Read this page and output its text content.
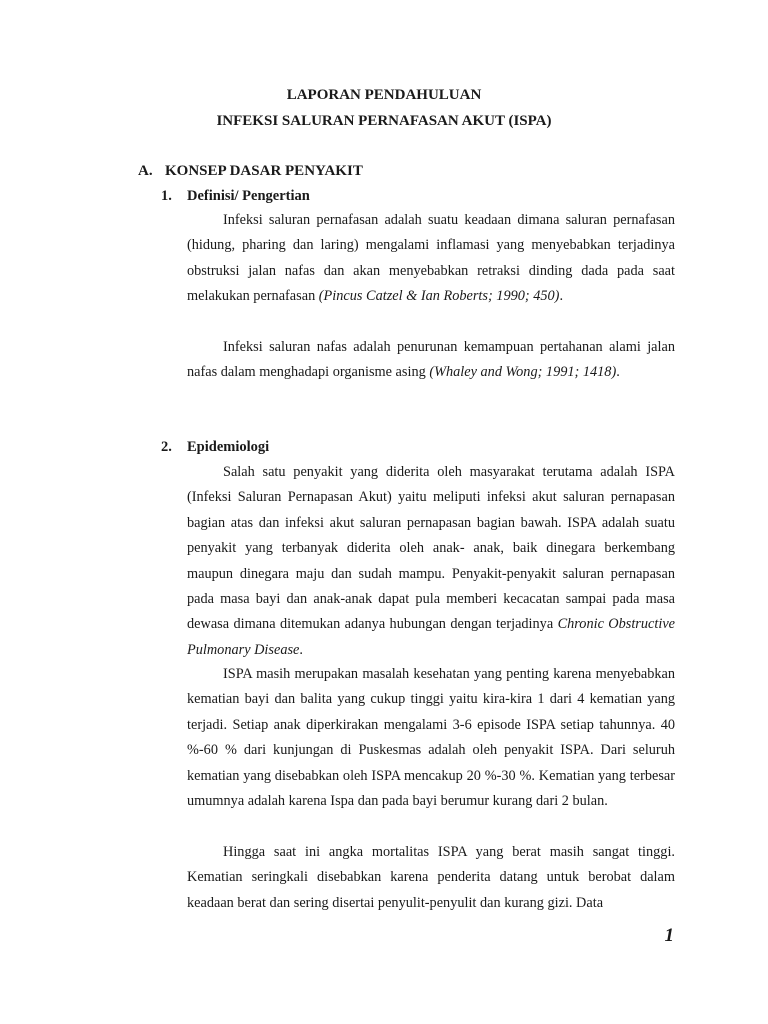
LAPORAN PENDAHULUAN
INFEKSI SALURAN PERNAFASAN AKUT (ISPA)
A. KONSEP DASAR PENYAKIT
1. Definisi/ Pengertian

Infeksi saluran pernafasan adalah suatu keadaan dimana saluran pernafasan (hidung, pharing dan laring) mengalami inflamasi yang menyebabkan terjadinya obstruksi jalan nafas dan akan menyebabkan retraksi dinding dada pada saat melakukan pernafasan (Pincus Catzel & Ian Roberts; 1990; 450).

Infeksi saluran nafas adalah penurunan kemampuan pertahanan alami jalan nafas dalam menghadapi organisme asing (Whaley and Wong; 1991; 1418).

2. Epidemiologi

Salah satu penyakit yang diderita oleh masyarakat terutama adalah ISPA (Infeksi Saluran Pernapasan Akut) yaitu meliputi infeksi akut saluran pernapasan bagian atas dan infeksi akut saluran pernapasan bagian bawah. ISPA adalah suatu penyakit yang terbanyak diderita oleh anak- anak, baik dinegara berkembang maupun dinegara maju dan sudah mampu. Penyakit-penyakit saluran pernapasan pada masa bayi dan anak-anak dapat pula memberi kecacatan sampai pada masa dewasa dimana ditemukan adanya hubungan dengan terjadinya Chronic Obstructive Pulmonary Disease.

ISPA masih merupakan masalah kesehatan yang penting karena menyebabkan kematian bayi dan balita yang cukup tinggi yaitu kira-kira 1 dari 4 kematian yang terjadi. Setiap anak diperkirakan mengalami 3-6 episode ISPA setiap tahunnya. 40 %-60 % dari kunjungan di Puskesmas adalah oleh penyakit ISPA. Dari seluruh kematian yang disebabkan oleh ISPA mencakup 20 %-30 %. Kematian yang terbesar umumnya adalah karena Ispa dan pada bayi berumur kurang dari 2 bulan.

Hingga saat ini angka mortalitas ISPA yang berat masih sangat tinggi. Kematian seringkali disebabkan karena penderita datang untuk berobat dalam keadaan berat dan sering disertai penyulit-penyulit dan kurang gizi. Data

1
